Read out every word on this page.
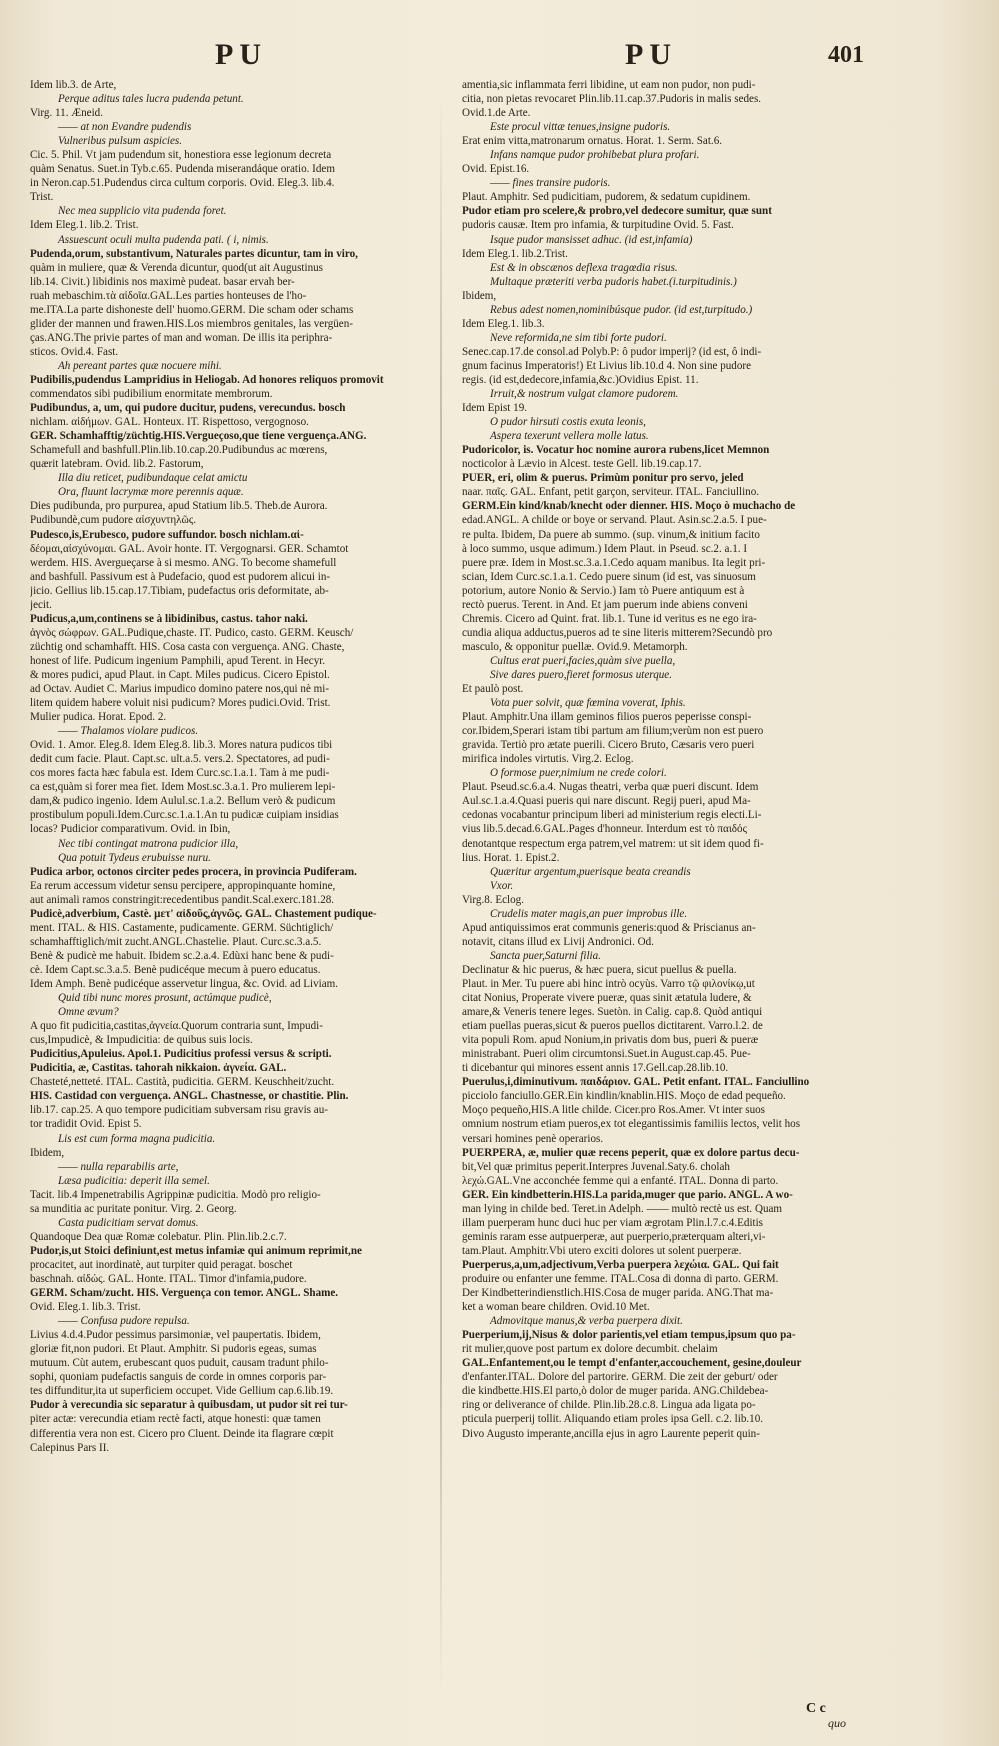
PU	PU	401

Idem lib.3. de Arte,

Perque aditus tales lucra pudenda petunt.

Virg. 11. Æneid.

—— at non Evandre pudendis

Vulneribus pulsum aspicies.

Cic. 5. Phil. Vt jam pudendum sit, honestiora esse legionum decreta

quàm Senatus. Suet.in Tyb.c.65. Pudenda miserandáque oratio. Idem

in Neron.cap.51.Pudendus circa cultum corporis. Ovid. Eleg.3. lib.4.

Trist.

Nec mea supplicio vita pudenda foret.

Idem Eleg.1. lib.2. Trist.

Assuescunt oculi multa pudenda pati. ( i, nimis.

Pudenda,orum, substantivum, Naturales partes dicuntur, tam in viro,

quàm in muliere, quæ & Verenda dicuntur, quod(ut ait Augustinus

lib.14. Civit.) libidinis nos maximè pudeat. basar ervah ber-

ruah mebaschim.τὰ αἰδοῖα.GAL.Les parties honteuses de l'ho-

me.ITA.La parte dishoneste dell' huomo.GERM. Die scham oder schams

glider der mannen und frawen.HIS.Los miembros genitales, las vergüen-

ças.ANG.The privie partes of man and woman. De illis ita periphra-

sticos. Ovid.4. Fast.

Ah pereant partes quæ nocuere mihi.

Pudibilis,pudendus Lampridius in Heliogab. Ad honores reliquos promovit

commendatos sibi pudibilium enormitate membrorum.

Pudibundus, a, um, qui pudore ducitur, pudens, verecundus. bosch

nichlam. αἰδήμων. GAL. Honteux. IT. Rispettoso, vergognoso.

GER. Schamhafftig/züchtig.HIS.Vergueçoso,que tiene verguença.ANG.

Schamefull and bashfull.Plin.lib.10.cap.20.Pudibundus ac mœrens,

quærit latebram. Ovid. lib.2. Fastorum,

Illa diu reticet, pudibundaque celat amictu

Ora, fluunt lacrymæ more perennis aquæ.

Dies pudibunda, pro purpurea, apud Statium lib.5. Theb.de Aurora.

Pudibundè,cum pudore αἰσχυντηλῶς.

Pudesco,is,Erubesco, pudore suffundor. bosch nichlam.αἰ-

δέομαι,αἰσχύνομαι. GAL. Avoir honte. IT. Vergognarsi. GER. Schamtot

werdem. HIS. Avergueçarse à si mesmo. ANG. To become shamefull

and bashfull. Passivum est à Pudefacio, quod est pudorem alicui in-

jicio. Gellius lib.15.cap.17.Tibiam, pudefactus oris deformitate, ab-

jecit.

Pudicus,a,um,continens se à libidinibus, castus. tahor naki.

ἁγνὸς σώφρων. GAL.Pudique,chaste. IT. Pudico, casto. GERM. Keusch/

züchtig ond schamhafft. HIS. Cosa casta con verguença. ANG. Chaste,

honest of life. Pudicum ingenium Pamphili, apud Terent. in Hecyr.

& mores pudici, apud Plaut. in Capt. Miles pudicus. Cicero Epistol.

ad Octav. Audiet C. Marius impudico domino patere nos,qui nè mi-

litem quidem habere voluit nisi pudicum? Mores pudici.Ovid. Trist.

Mulier pudica. Horat. Epod. 2.

—— Thalamos violare pudicos.

Ovid. 1. Amor. Eleg.8. Idem Eleg.8. lib.3. Mores natura pudicos tibi

dedit cum facie. Plaut. Capt.sc. ult.a.5. vers.2. Spectatores, ad pudi-

cos mores facta hæc fabula est. Idem Curc.sc.1.a.1. Tam à me pudi-

ca est,quàm si forer mea fiet. Idem Most.sc.3.a.1. Pro mulierem lepi-

dam,& pudico ingenio. Idem Aulul.sc.1.a.2. Bellum verò & pudicum

prostibulum populi.Idem.Curc.sc.1.a.1.An tu pudicæ cuipiam insidias

locas? Pudicior comparativum. Ovid. in Ibin,

Nec tibi contingat matrona pudicior illa,

Qua potuit Tydeus erubuisse nuru.

Pudica arbor, octonos circiter pedes procera, in provincia Pudiferam.

Ea rerum accessum videtur sensu percipere, appropinquante homine,

aut animali ramos constringit:recedentibus pandit.Scal.exerc.181.28.

Pudicè,adverbium, Castè. μετ' αἰδοῦς,ἁγνῶς. GAL. Chastement pudique-

ment. ITAL. & HIS. Castamente, pudicamente. GERM. Süchtiglich/

schamhafftiglich/mit zucht.ANGL.Chastelie. Plaut. Curc.sc.3.a.5.

Benè & pudicè me habuit. Ibidem sc.2.a.4. Edùxi hanc bene & pudi-

cè. Idem Capt.sc.3.a.5. Benè pudicéque mecum à puero educatus.

Idem Amph. Benè pudicéque asservetur lingua, &c. Ovid. ad Liviam.

Quid tibi nunc mores prosunt, actúmque pudicè,

Omne ævum?

A quo fit pudicitia,castitas,ἁγνεία.Quorum contraria sunt, Impudi-

cus,Impudicè, & Impudicitia: de quibus suis locis.

Pudicitius,Apuleius. Apol.1. Pudicitius professi versus & scripti.

Pudicitia, æ, Castitas. tahorah nikkaion. ἁγνεία. GAL.

Chasteté,netteté. ITAL. Castità, pudicitia. GERM. Keuschheit/zucht.

HIS. Castidad con verguença. ANGL. Chastnesse, or chastitie. Plin.

lib.17. cap.25. A quo tempore pudicitiam subversam risu gravis au-

tor tradidit Ovid. Epist 5.

Lis est cum forma magna pudicitia.

Ibidem,

—— nulla reparabilis arte,

Læsa pudicitia: deperit illa semel.

Tacit. lib.4 Impenetrabilis Agrippinæ pudicitia. Modò pro religio-

sa munditia ac puritate ponitur. Virg. 2. Georg.

Casta pudicitiam servat domus.

Quandoque Dea quæ Romæ colebatur. Plin. Plin.lib.2.c.7.

Pudor,is,ut Stoici definiunt,est metus infamiæ qui animum reprimit,ne

procacitet, aut inordinatè, aut turpiter quid peragat. boschet

baschnah. αἰδώς. GAL. Honte. ITAL. Timor d'infamia,pudore.

GERM. Scham/zucht. HIS. Verguença con temor. ANGL. Shame.

Ovid. Eleg.1. lib.3. Trist.

—— Confusa pudore repulsa.

Livius 4.d.4.Pudor pessimus parsimoniæ, vel paupertatis. Ibidem,

gloriæ fit,non pudori. Et Plaut. Amphitr. Si pudoris egeas, sumas

mutuum. Cùt autem, erubescant quos puduit, causam tradunt philo-

sophi, quoniam pudefactis sanguis de corde in omnes corporis par-

tes diffunditur,ita ut superficiem occupet. Vide Gellium cap.6.lib.19.

Pudor à verecundia sic separatur à quibusdam, ut pudor sit rei tur-

piter actæ: verecundia etiam rectè facti, atque honesti: quæ tamen

differentia vera non est. Cicero pro Cluent. Deinde ita flagrare cœpit

Calepinus Pars II.

amentia,sic inflammata ferri libidine, ut eam non pudor, non pudi-

citia, non pietas revocaret Plin.lib.11.cap.37.Pudoris in malis sedes.

Ovid.1.de Arte.

Este procul vittæ tenues,insigne pudoris.

Erat enim vitta,matronarum ornatus. Horat. 1. Serm. Sat.6.

Infans namque pudor prohibebat plura profari.

Ovid. Epist.16.

—— fines transire pudoris.

Plaut. Amphitr. Sed pudicitiam, pudorem, & sedatum cupidinem.

Pudor etiam pro scelere,& probro,vel dedecore sumitur, quæ sunt

pudoris causæ. Item pro infamia, & turpitudine Ovid. 5. Fast.

Isque pudor mansisset adhuc. (id est,infamia)

Idem Eleg.1. lib.2.Trist.

Est & in obscænos deflexa tragœdia risus.

Multaque præteriti verba pudoris habet.(i.turpitudinis.)

Ibidem,

Rebus adest nomen,nominibúsque pudor. (id est,turpitudo.)

Idem Eleg.1. lib.3.

Neve reformida,ne sim tibi forte pudori.

Senec.cap.17.de consol.ad Polyb.P: ô pudor imperij? (id est, ô indi-

gnum facinus Imperatoris!) Et Livius lib.10.d 4. Non sine pudore

regis. (id est,dedecore,infamia,&c.)Ovidius Epist. 11.

Irruit,& nostrum vulgat clamore pudorem.

Idem Epist 19.

O pudor hirsuti costis exuta leonis,

Aspera texerunt vellera molle latus.

Pudoricolor, is. Vocatur hoc nomine aurora rubens,licet Memnon

nocticolor à Lævio in Alcest. teste Gell. lib.19.cap.17.

PUER, eri, olim & puerus. Primùm ponitur pro servo, jeled

naar. παῖς. GAL. Enfant, petit garçon, serviteur. ITAL. Fanciullino.

GERM.Ein kind/knab/knecht oder dienner. HIS. Moço ò muchacho de

edad.ANGL. A childe or boye or servand. Plaut. Asin.sc.2.a.5. I pue-

re pulta. Ibidem, Da puere ab summo. (sup. vinum,& initium facito

à loco summo, usque adimum.) Idem Plaut. in Pseud. sc.2. a.1. I

puere præ. Idem in Most.sc.3.a.1.Cedo aquam manibus. Ita legit pri-

scian, Idem Curc.sc.1.a.1. Cedo puere sinum (id est, vas sinuosum

potorium, autore Nonio & Servio.) Iam τὸ Puere antiquum est à

rectò puerus. Terent. in And. Et jam puerum inde abiens conveni

Chremis. Cicero ad Quint. frat. lib.1. Tune id veritus es ne ego ira-

cundia aliqua adductus,pueros ad te sine literis mitterem?Secundò pro

masculo, & opponitur puellæ. Ovid.9. Metamorph.

Cultus erat pueri,facies,quàm sive puella,

Sive dares puero,fieret formosus uterque.

Et paulò post.

Vota puer solvit, quæ fœmina voverat, Iphis.

Plaut. Amphitr.Una illam geminos filios pueros peperisse conspi-

cor.Ibidem,Sperari istam tibi partum am filium;verùm non est puero

gravida. Tertiò pro ætate puerili. Cicero Bruto, Cæsaris vero pueri

mirifica indoles virtutis. Virg.2. Eclog.

O formose puer,nimium ne crede colori.

Plaut. Pseud.sc.6.a.4. Nugas theatri, verba quæ pueri discunt. Idem

Aul.sc.1.a.4.Quasi pueris qui nare discunt. Regij pueri, apud Ma-

cedonas vocabantur principum liberi ad ministerium regis electi.Li-

vius lib.5.decad.6.GAL.Pages d'honneur. Interdum est τὸ παιδός

denotantque respectum erga patrem,vel matrem: ut sit idem quod fi-

lius. Horat. 1. Epist.2.

Quæritur argentum,puerisque beata creandis

Vxor.

Virg.8. Eclog.

Crudelis mater magis,an puer improbus ille.

Apud antiquissimos erat communis generis:quod & Priscianus an-

notavit, citans illud ex Livij Andronici. Od.

Sancta puer,Saturni filia.

Declinatur & hic puerus, & hæc puera, sicut puellus & puella.

Plaut. in Mer. Tu puere abi hinc intrò ocyùs. Varro τῷ φιλονίκῳ,ut

citat Nonius, Properate vivere pueræ, quas sinit ætatula ludere, &

amare,& Veneris tenere leges. Suetòn. in Calig. cap.8. Quòd antiqui

etiam puellas pueras,sicut & pueros puellos dictitarent. Varro.l.2. de

vita populi Rom. apud Nonium,in privatis dom bus, pueri & pueræ

ministrabant. Pueri olim circumtonsi.Suet.in August.cap.45. Pue-

ti dicebantur qui minores essent annis 17.Gell.cap.28.lib.10.

Puerulus,i,diminutivum. παιδάριον. GAL. Petit enfant. ITAL. Fanciullino

picciolo fanciullo.GER.Ein kindlin/knablin.HIS. Moço de edad pequeño.

Moço pequeño,HIS.A litle childe. Cicer.pro Ros.Amer. Vt inter suos

omnium nostrum etiam pueros,ex tot elegantissimis familiis lectos, velit hos

versari homines penè operarios.

PUERPERA, æ, mulier quæ recens peperit, quæ ex dolore partus decu-

bit,Vel quæ primitus peperit.Interpres Juvenal.Saty.6. cholah

λεχώ.GAL.Vne acconchée femme qui a enfanté. ITAL. Donna di parto.

GER. Ein kindbetterin.HIS.La parida,muger que pario. ANGL. A wo-

man lying in childe bed. Teret.in Adelph. —— multò rectè us est. Quam

illam puerperam hunc duci huc per viam ægrotam Plin.l.7.c.4.Editis

geminis raram esse autpuerperæ, aut puerperio,præterquam alteri,vi-

tam.Plaut. Amphitr.Vbi utero exciti dolores ut solent puerperæ.

Puerperus,a,um,adjectivum,Verba puerpera λεχώια. GAL. Qui fait

produire ou enfanter une femme. ITAL.Cosa di donna di parto. GERM.

Der Kindbetterindienstlich.HIS.Cosa de muger parida. ANG.That ma-

ket a woman beare children. Ovid.10 Met.

Admovitque manus,& verba puerpera dixit.

Puerperium,ij,Nisus & dolor parientis,vel etiam tempus,ipsum quo pa-

rit mulier,quove post partum ex dolore decumbit. chelaim

GAL.Enfantement,ou le tempt d'enfanter,accouchement, gesine,douleur

d'enfanter.ITAL. Dolore del partorire. GERM. Die zeit der geburt/ oder

die kindbette.HIS.El parto,ò dolor de muger parida. ANG.Childebea-

ring or deliverance of childe. Plin.lib.28.c.8. Lingua ada ligata po-

pticula puerperij tollit. Aliquando etiam proles ipsa Gell. c.2. lib.10.

Divo Augusto imperante,ancilla ejus in agro Laurente peperit quin-

C c
quo
